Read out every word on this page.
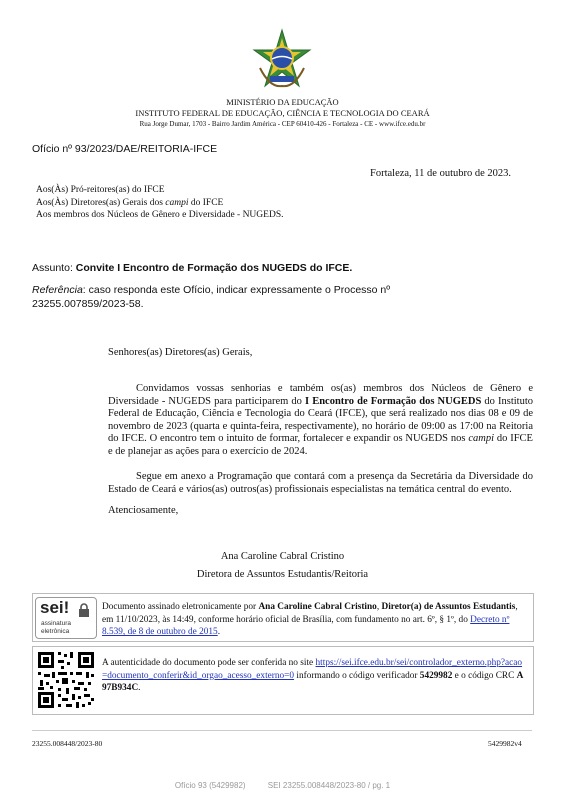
MINISTÉRIO DA EDUCAÇÃO
INSTITUTO FEDERAL DE EDUCAÇÃO, CIÊNCIA E TECNOLOGIA DO CEARÁ
Rua Jorge Dumar, 1703 - Bairro Jardim América - CEP 60410-426 - Fortaleza - CE - www.ifce.edu.br
Ofício nº 93/2023/DAE/REITORIA-IFCE
Fortaleza, 11 de outubro de 2023.
Aos(Às) Pró-reitores(as) do IFCE
Aos(Às) Diretores(as) Gerais dos campi do IFCE
Aos membros dos Núcleos de Gênero e Diversidade - NUGEDS.
Assunto: Convite I Encontro de Formação dos NUGEDS do IFCE.
Referência: caso responda este Ofício, indicar expressamente o Processo nº 23255.007859/2023-58.
Senhores(as) Diretores(as) Gerais,

Convidamos vossas senhorias e também os(as) membros dos Núcleos de Gênero e Diversidade - NUGEDS para participarem do I Encontro de Formação dos NUGEDS do Instituto Federal de Educação, Ciência e Tecnologia do Ceará (IFCE), que será realizado nos dias 08 e 09 de novembro de 2023 (quarta e quinta-feira, respectivamente), no horário de 09:00 as 17:00 na Reitoria do IFCE. O encontro tem o intuito de formar, fortalecer e expandir os NUGEDS nos campi do IFCE e de planejar as ações para o exercício de 2024.

Segue em anexo a Programação que contará com a presença da Secretária da Diversidade do Estado de Ceará e vários(as) outros(as) profissionais especialistas na temática central do evento.

Atenciosamente,
Ana Caroline Cabral Cristino
Diretora de Assuntos Estudantis/Reitoria
sei!
assinatura
eletrônica
Documento assinado eletronicamente por Ana Caroline Cabral Cristino, Diretor(a) de Assuntos Estudantis, em 11/10/2023, às 14:49, conforme horário oficial de Brasília, com fundamento no art. 6º, § 1º, do Decreto nº 8.539, de 8 de outubro de 2015.
A autenticidade do documento pode ser conferida no site https://sei.ifce.edu.br/sei/controlador_externo.php?acao=documento_conferir&id_orgao_acesso_externo=0 informando o código verificador 5429982 e o código CRC A97B934C.
23255.008448/2023-80	5429982v4
Ofício 93 (5429982)          SEI 23255.008448/2023-80 / pg. 1
